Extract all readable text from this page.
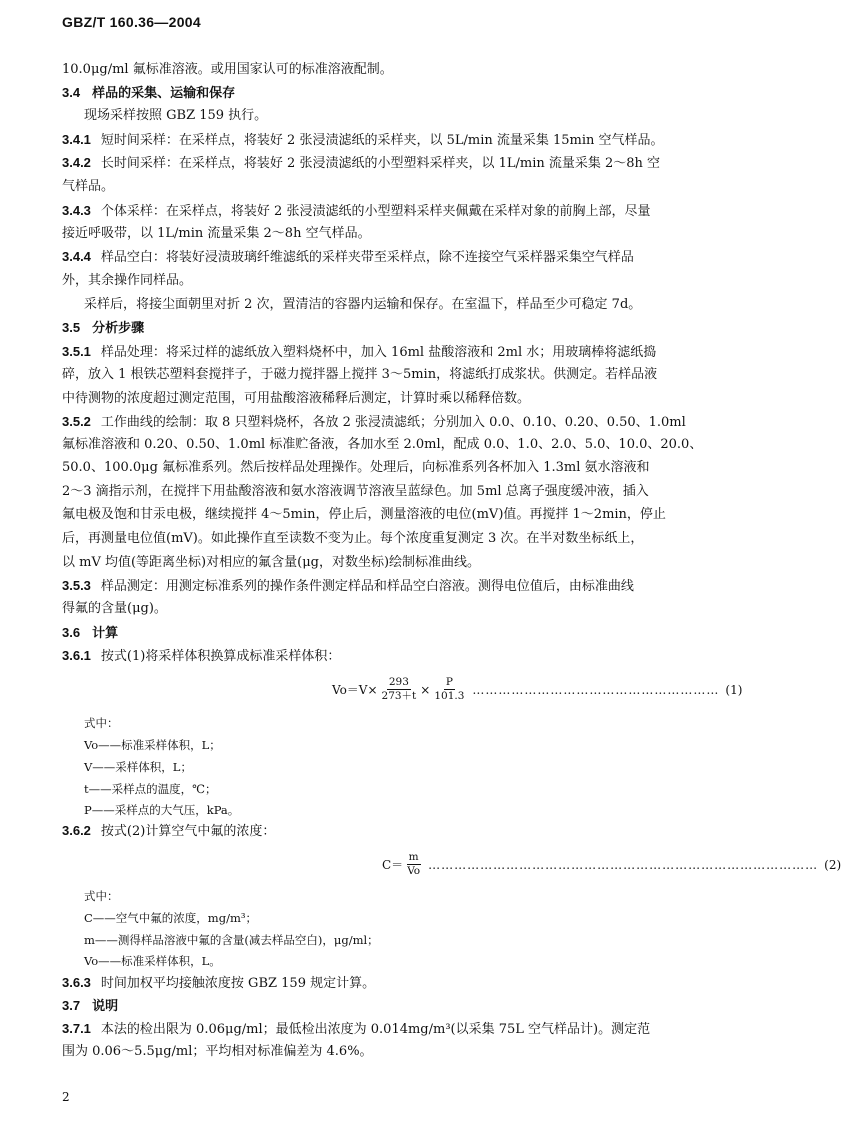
GBZ/T 160.36—2004
10.0μg/ml 氟标准溶液。或用国家认可的标准溶液配制。
3.4 样品的采集、运输和保存
现场采样按照 GBZ 159 执行。
3.4.1 短时间采样：在采样点，将装好 2 张浸渍滤纸的采样夹，以 5L/min 流量采集 15min 空气样品。
3.4.2 长时间采样：在采样点，将装好 2 张浸渍滤纸的小型塑料采样夹，以 1L/min 流量采集 2～8h 空
气样品。
3.4.3 个体采样：在采样点，将装好 2 张浸渍滤纸的小型塑料采样夹佩戴在采样对象的前胸上部，尽量
接近呼吸带，以 1L/min 流量采集 2～8h 空气样品。
3.4.4 样品空白：将装好浸渍玻璃纤维滤纸的采样夹带至采样点，除不连接空气采样器采集空气样品
外，其余操作同样品。
采样后，将接尘面朝里对折 2 次，置清洁的容器内运输和保存。在室温下，样品至少可稳定 7d。
3.5 分析步骤
3.5.1 样品处理：将采过样的滤纸放入塑料烧杯中，加入 16ml 盐酸溶液和 2ml 水；用玻璃棒将滤纸捣
碎，放入 1 根铁芯塑料套搅拌子，于磁力搅拌器上搅拌 3～5min，将滤纸打成浆状。供测定。若样品液
中待测物的浓度超过测定范围，可用盐酸溶液稀释后测定，计算时乘以稀释倍数。
3.5.2 工作曲线的绘制：取 8 只塑料烧杯，各放 2 张浸渍滤纸；分别加入 0.0、0.10、0.20、0.50、1.0ml
氟标准溶液和 0.20、0.50、1.0ml 标准贮备液，各加水至 2.0ml，配成 0.0、1.0、2.0、5.0、10.0、20.0、
50.0、100.0μg 氟标准系列。然后按样品处理操作。处理后，向标准系列各杯加入 1.3ml 氨水溶液和
2～3 滴指示剂，在搅拌下用盐酸溶液和氨水溶液调节溶液呈蓝绿色。加 5ml 总离子强度缓冲液，插入
氟电极及饱和甘汞电极，继续搅拌 4～5min，停止后，测量溶液的电位(mV)值。再搅拌 1～2min，停止
后，再测量电位值(mV)。如此操作直至读数不变为止。每个浓度重复测定 3 次。在半对数坐标纸上，
以 mV 均值(等距离坐标)对相应的氟含量(μg，对数坐标)绘制标准曲线。
3.5.3 样品测定：用测定标准系列的操作条件测定样品和样品空白溶液。测得电位值后，由标准曲线
得氟的含量(μg)。
3.6 计算
3.6.1 按式(1)将采样体积换算成标准采样体积：
$Vo=V\times \frac{293}{273+t} \times \frac{P}{101.3}$ ………………………………………………… (1)
式中：
Vo——标准采样体积，L；
V——采样体积，L；
t——采样点的温度，℃；
P——采样点的大气压，kPa。
3.6.2 按式(2)计算空气中氟的浓度：
$C= \frac{m}{Vo}$ ……………………………………………………………………………… (2)
式中：
C——空气中氟的浓度，mg/m³；
m——测得样品溶液中氟的含量(减去样品空白)，μg/ml；
Vo——标准采样体积，L。
3.6.3 时间加权平均接触浓度按 GBZ 159 规定计算。
3.7 说明
3.7.1 本法的检出限为 0.06μg/ml；最低检出浓度为 0.014mg/m³(以采集 75L 空气样品计)。测定范
围为 0.06～5.5μg/ml；平均相对标准偏差为 4.6%。
2
